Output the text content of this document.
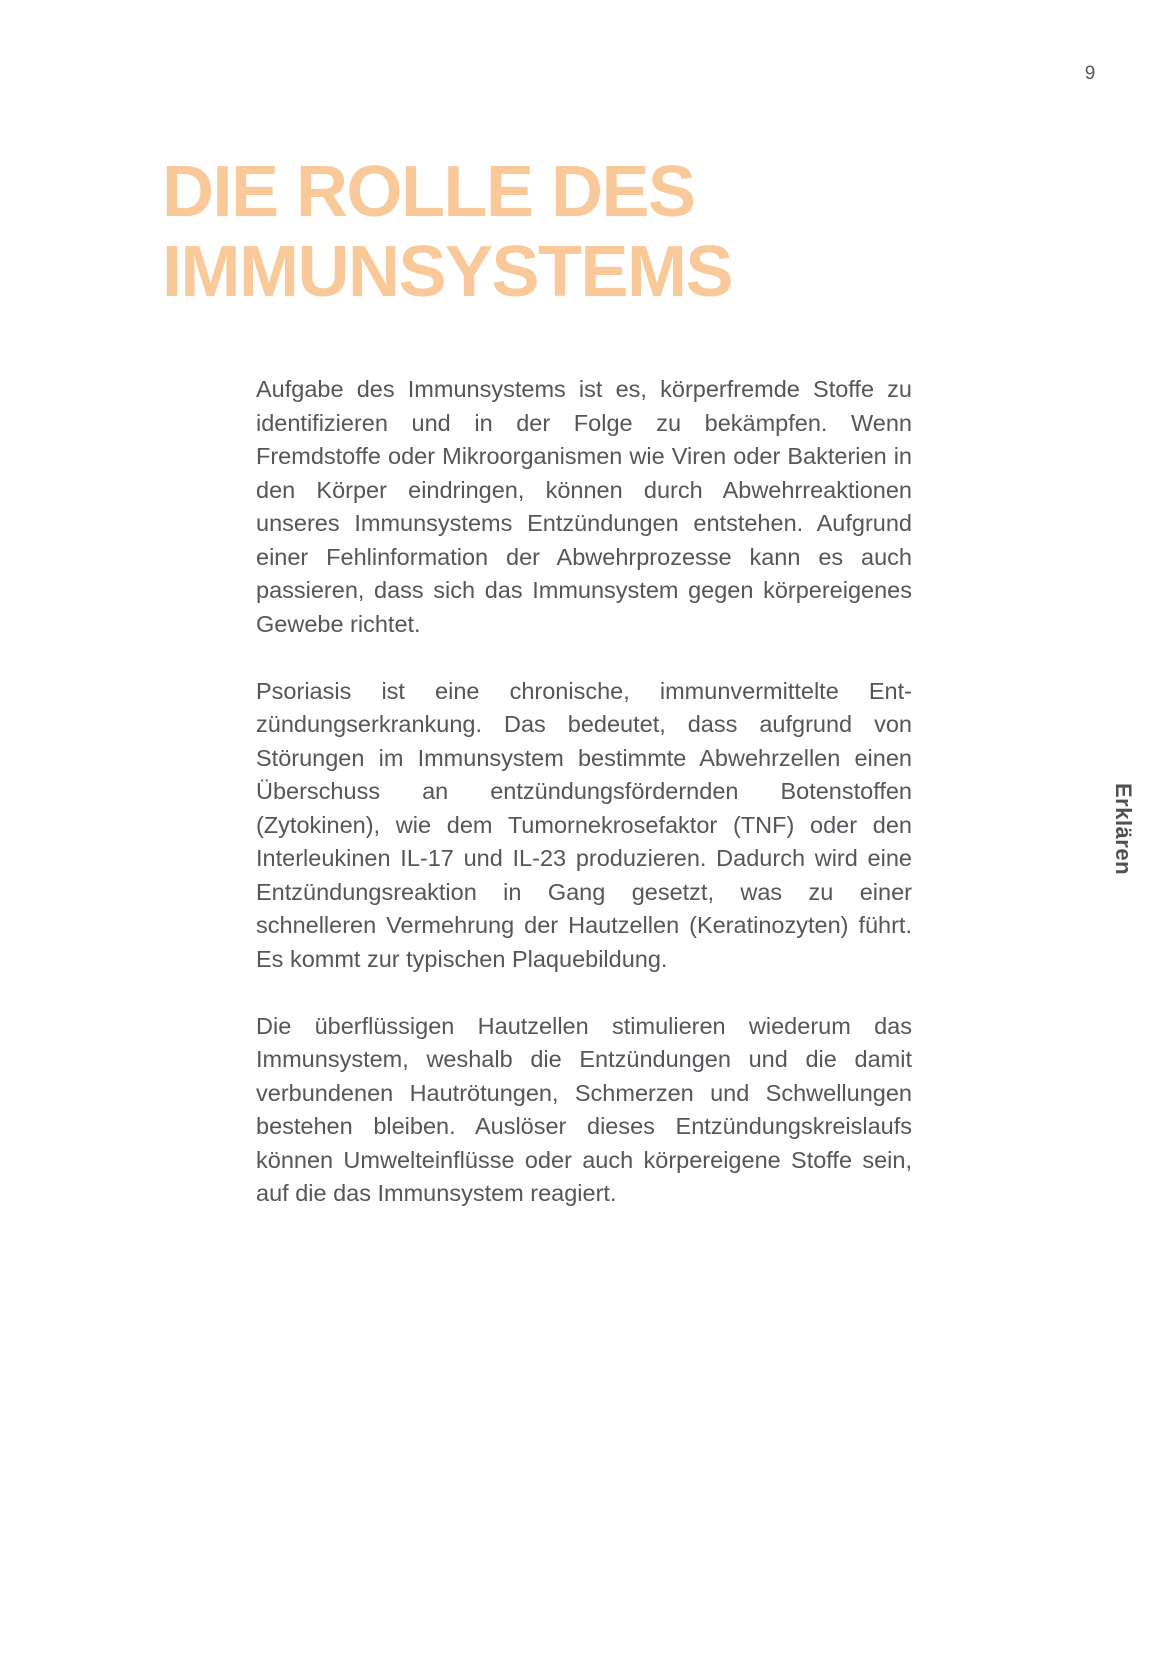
9
DIE ROLLE DES
IMMUNSYSTEMS

Aufgabe des Immunsystems ist es, körperfremde Stoffe zu identifizieren und in der Folge zu bekämpfen. Wenn Fremdstoffe oder Mikroorganismen wie Viren oder Bakterien in den Körper eindringen, können durch Abwehrreaktionen unseres Immunsystems Entzündungen entstehen. Aufgrund einer Fehlinformation der Abwehrprozesse kann es auch passieren, dass sich das Immunsystem gegen körpereigenes Gewebe richtet.

Psoriasis ist eine chronische, immunvermittelte Entzündungserkrankung. Das bedeutet, dass aufgrund von Störungen im Immunsystem bestimmte Abwehrzellen einen Überschuss an entzündungsfördernden Botenstoffen (Zytokinen), wie dem Tumornekrosefaktor (TNF) oder den Interleukinen IL-17 und IL-23 produzieren. Dadurch wird eine Entzündungsreaktion in Gang gesetzt, was zu einer schnelleren Vermehrung der Hautzellen (Keratinozyten) führt. Es kommt zur typischen Plaquebildung.

Die überflüssigen Hautzellen stimulieren wiederum das Immunsystem, weshalb die Entzündungen und die damit verbundenen Hautrötungen, Schmerzen und Schwellungen bestehen bleiben. Auslöser dieses Entzündungskreislaufs können Umwelteinflüsse oder auch körpereigene Stoffe sein, auf die das Immunsystem reagiert.

Erklären
